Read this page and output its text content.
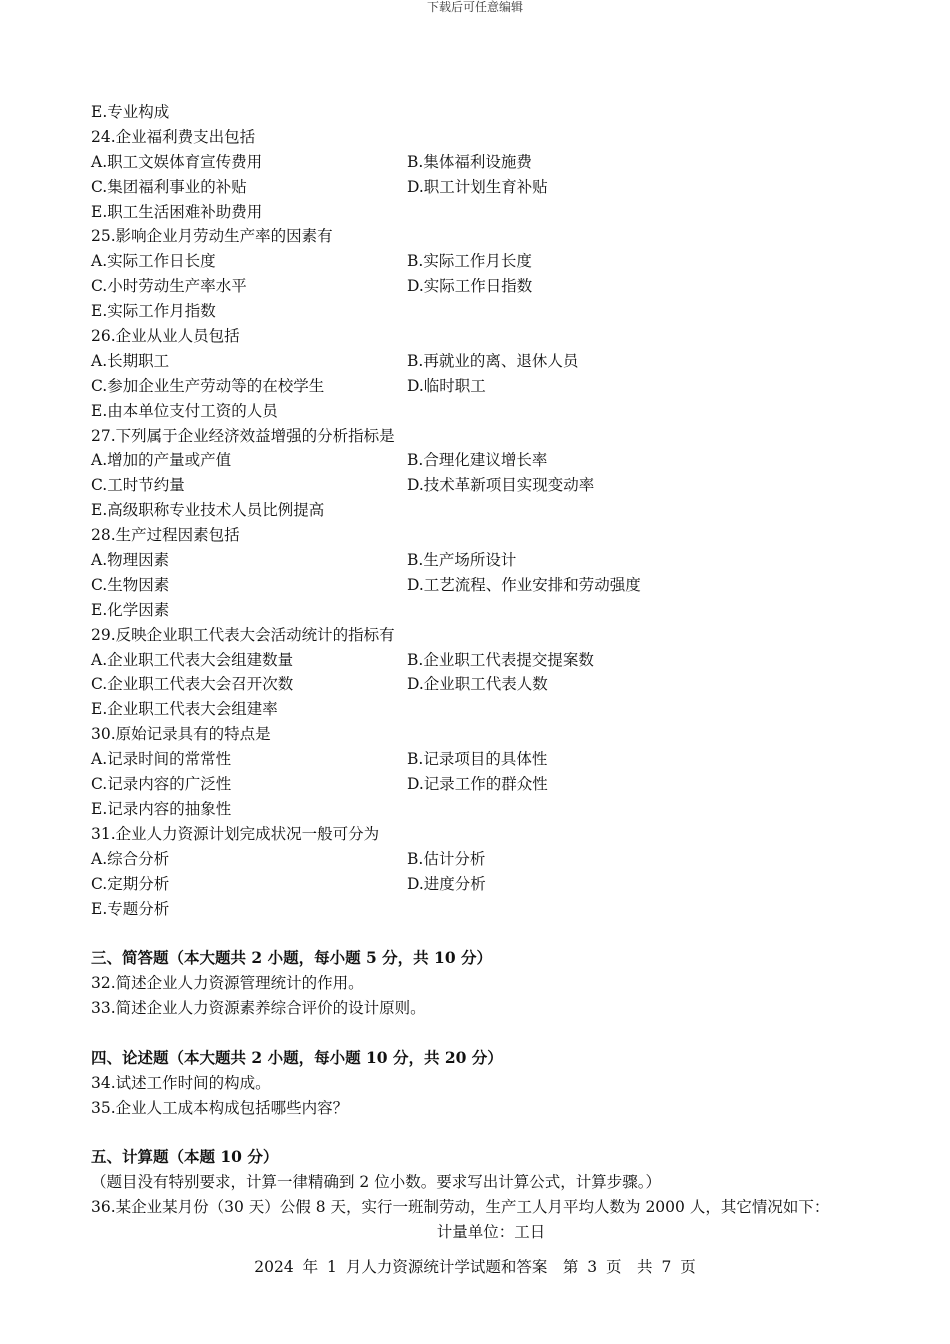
下载后可任意编辑
E.专业构成
24.企业福利费支出包括
A.职工文娱体育宣传费用	B.集体福利设施费
C.集团福利事业的补贴	D.职工计划生育补贴
E.职工生活困难补助费用
25.影响企业月劳动生产率的因素有
A.实际工作日长度	B.实际工作月长度
C.小时劳动生产率水平	D.实际工作日指数
E.实际工作月指数
26.企业从业人员包括
A.长期职工	B.再就业的离、退休人员
C.参加企业生产劳动等的在校学生	D.临时职工
E.由本单位支付工资的人员
27.下列属于企业经济效益增强的分析指标是
A.增加的产量或产值	B.合理化建议增长率
C.工时节约量	D.技术革新项目实现变动率
E.高级职称专业技术人员比例提高
28.生产过程因素包括
A.物理因素	B.生产场所设计
C.生物因素	D.工艺流程、作业安排和劳动强度
E.化学因素
29.反映企业职工代表大会活动统计的指标有
A.企业职工代表大会组建数量	B.企业职工代表提交提案数
C.企业职工代表大会召开次数	D.企业职工代表人数
E.企业职工代表大会组建率
30.原始记录具有的特点是
A.记录时间的常常性	B.记录项目的具体性
C.记录内容的广泛性	D.记录工作的群众性
E.记录内容的抽象性
31.企业人力资源计划完成状况一般可分为
A.综合分析	B.估计分析
C.定期分析	D.进度分析
E.专题分析
三、简答题（本大题共 2 小题，每小题 5 分，共 10 分）
32.简述企业人力资源管理统计的作用。
33.简述企业人力资源素养综合评价的设计原则。
四、论述题（本大题共 2 小题，每小题 10 分，共 20 分）
34.试述工作时间的构成。
35.企业人工成本构成包括哪些内容？
五、计算题（本题 10 分）
（题目没有特别要求，计算一律精确到 2 位小数。要求写出计算公式，计算步骤。）
36.某企业某月份（30 天）公假 8 天，实行一班制劳动，生产工人月平均人数为 2000 人，其它情况如下：
计量单位：工日
2024 年 1 月人力资源统计学试题和答案　第 3 页　共 7 页
